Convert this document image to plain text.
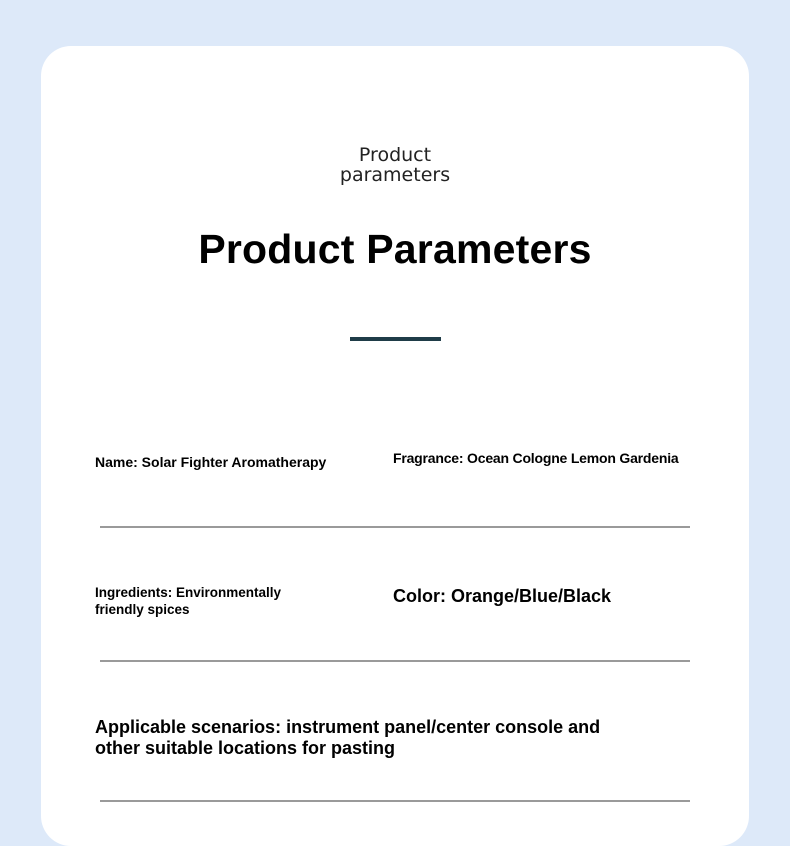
Product
parameters
Product Parameters
Name: Solar Fighter Aromatherapy	Fragrance: Ocean Cologne Lemon Gardenia
Ingredients: Environmentally
friendly spices
Color: Orange/Blue/Black
Applicable scenarios: instrument panel/center console and
other suitable locations for pasting
